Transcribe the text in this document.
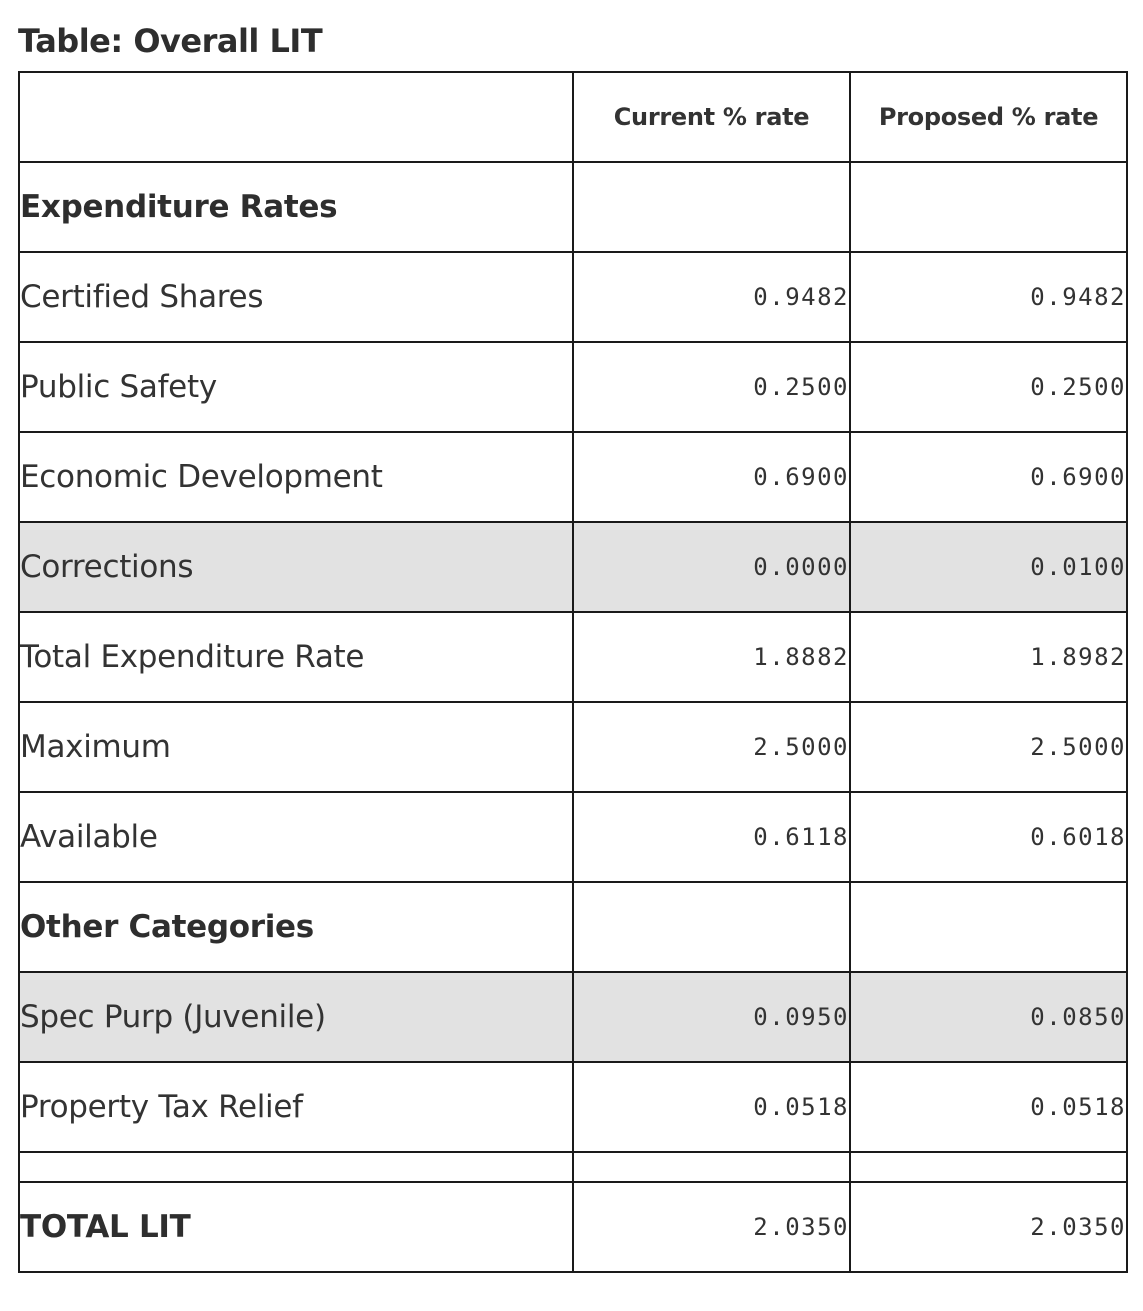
Table: Overall LIT
	Current % rate	Proposed % rate
Expenditure Rates		
Certified Shares	0.9482	0.9482
Public Safety	0.2500	0.2500
Economic Development	0.6900	0.6900
Corrections	0.0000	0.0100
Total Expenditure Rate	1.8882	1.8982
Maximum	2.5000	2.5000
Available	0.6118	0.6018
Other Categories		
Spec Purp (Juvenile)	0.0950	0.0850
Property Tax Relief	0.0518	0.0518

TOTAL LIT	2.0350	2.0350
